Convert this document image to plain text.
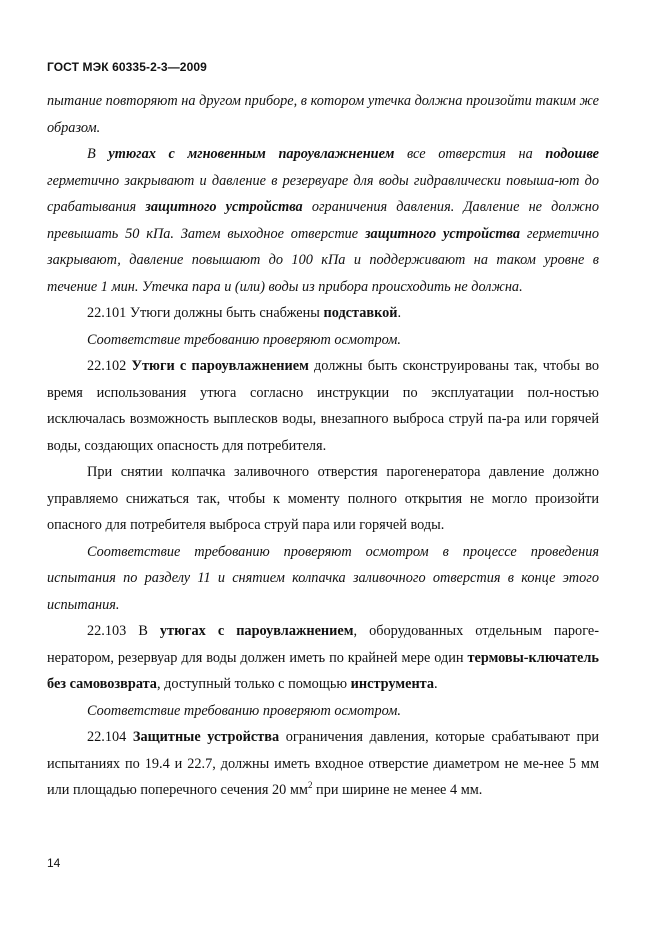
ГОСТ МЭК 60335-2-3—2009

пытание повторяют на другом приборе, в котором утечка должна произойти таким же образом.

В утюгах с мгновенным пароувлажнением все отверстия на подошве герметично закрывают и давление в резервуаре для воды гидравлически повыша-ют до срабатывания защитного устройства ограничения давления. Давление не должно превышать 50 кПа. Затем выходное отверстие защитного устройства герметично закрывают, давление повышают до 100 кПа и поддерживают на таком уровне в течение 1 мин. Утечка пара и (или) воды из прибора происходить не должна.

22.101 Утюги должны быть снабжены подставкой.

Соответствие требованию проверяют осмотром.

22.102 Утюги с пароувлажнением должны быть сконструированы так, чтобы во время использования утюга согласно инструкции по эксплуатации пол-ностью исключалась возможность выплесков воды, внезапного выброса струй па-ра или горячей воды, создающих опасность для потребителя.

При снятии колпачка заливочного отверстия парогенератора давление должно управляемо снижаться так, чтобы к моменту полного открытия не могло произойти опасного для потребителя выброса струй пара или горячей воды.

Соответствие требованию проверяют осмотром в процессе проведения испытания по разделу 11 и снятием колпачка заливочного отверстия в конце этого испытания.

22.103 В утюгах с пароувлажнением, оборудованных отдельным пароге-нератором, резервуар для воды должен иметь по крайней мере один термовы-ключатель без самовозврата, доступный только с помощью инструмента.

Соответствие требованию проверяют осмотром.

22.104 Защитные устройства ограничения давления, которые срабатывают при испытаниях по 19.4 и 22.7, должны иметь входное отверстие диаметром не ме-нее 5 мм или площадью поперечного сечения 20 $мм^2$ при ширине не менее 4 мм.

14
